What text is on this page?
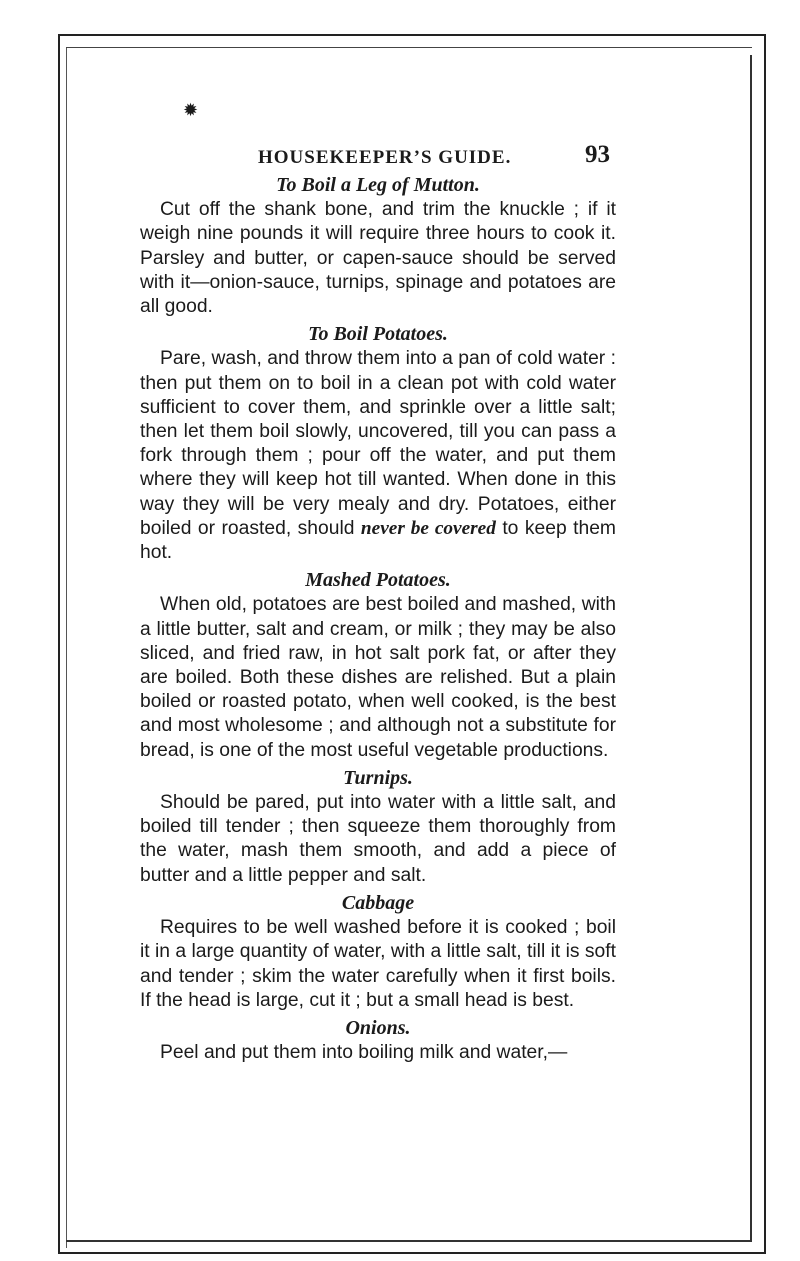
✹
HOUSEKEEPER’S GUIDE.	93
To Boil a Leg of Mutton.

Cut off the shank bone, and trim the knuckle ; if it weigh nine pounds it will require three hours to cook it. Parsley and butter, or capen-sauce should be served with it—onion-sauce, turnips, spinage and potatoes are all good.

To Boil Potatoes.

Pare, wash, and throw them into a pan of cold water : then put them on to boil in a clean pot with cold water sufficient to cover them, and sprinkle over a little salt; then let them boil slowly, uncovered, till you can pass a fork through them ; pour off the water, and put them where they will keep hot till wanted. When done in this way they will be very mealy and dry. Potatoes, either boiled or roasted, should never be covered to keep them hot.

Mashed Potatoes.

When old, potatoes are best boiled and mashed, with a little butter, salt and cream, or milk ; they may be also sliced, and fried raw, in hot salt pork fat, or after they are boiled. Both these dishes are relished. But a plain boiled or roasted potato, when well cooked, is the best and most wholesome ; and although not a substitute for bread, is one of the most useful vegetable productions.

Turnips.

Should be pared, put into water with a little salt, and boiled till tender ; then squeeze them thoroughly from the water, mash them smooth, and add a piece of butter and a little pepper and salt.

Cabbage

Requires to be well washed before it is cooked ; boil it in a large quantity of water, with a little salt, till it is soft and tender ; skim the water carefully when it first boils. If the head is large, cut it ; but a small head is best.

Onions.

Peel and put them into boiling milk and water,—
